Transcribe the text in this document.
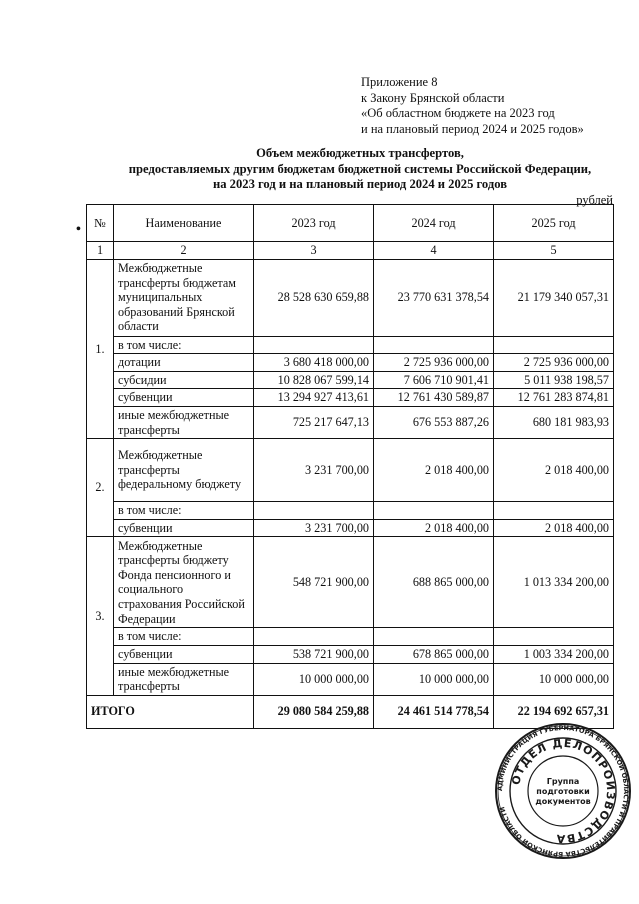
Приложение 8
к Закону Брянской области
«Об областном бюджете на 2023 год
и на плановый период 2024 и 2025 годов»
Объем межбюджетных трансфертов,
предоставляемых другим бюджетам бюджетной системы Российской Федерации,
на 2023 год и на плановый период 2024 и 2025 годов
рублей
• №	Наименование	2023 год	2024 год	2025 год
1	2	3	4	5
1.	Межбюджетные трансферты бюджетам муниципальных образований Брянской области	28 528 630 659,88	23 770 631 378,54	21 179 340 057,31
	в том числе:			
	дотации	3 680 418 000,00	2 725 936 000,00	2 725 936 000,00
	субсидии	10 828 067 599,14	7 606 710 901,41	5 011 938 198,57
	субвенции	13 294 927 413,61	12 761 430 589,87	12 761 283 874,81
	иные межбюджетные трансферты	725 217 647,13	676 553 887,26	680 181 983,93
2.	Межбюджетные трансферты федеральному бюджету	3 231 700,00	2 018 400,00	2 018 400,00
	в том числе:			
	субвенции	3 231 700,00	2 018 400,00	2 018 400,00
3.	Межбюджетные трансферты бюджету Фонда пенсионного и социального страхования Российской Федерации	548 721 900,00	688 865 000,00	1 013 334 200,00
	в том числе:			
	субвенции	538 721 900,00	678 865 000,00	1 003 334 200,00
	иные межбюджетные трансферты	10 000 000,00	10 000 000,00	10 000 000,00
ИТОГО		29 080 584 259,88	24 461 514 778,54	22 194 692 657,31
АДМИНИСТРАЦИЯ ГУБЕРНАТОРА БРЯНСКОЙ ОБЛАСТИ И ПРАВИТЕЛЬСТВА БРЯНСКОЙ ОБЛАСТИ
ОТДЕЛ ДЕЛОПРОИЗВОДСТВА
Группа подготовки документов
